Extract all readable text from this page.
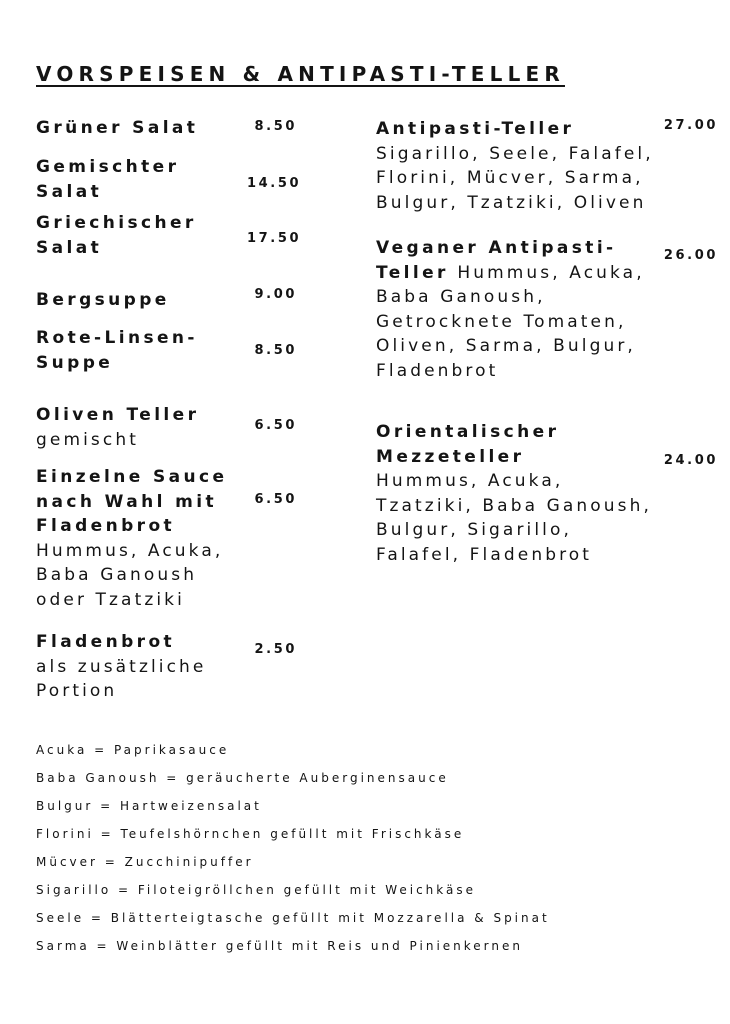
VORSPEISEN & ANTIPASTI-TELLER
Grüner Salat	8.50
Gemischter Salat	14.50
Griechischer Salat	17.50
Bergsuppe	9.00
Rote-Linsen-Suppe
8.50
Oliven Teller
gemischt
6.50
Einzelne Sauce nach Wahl mit Fladenbrot
Hummus, Acuka, Baba Ganoush oder Tzatziki
6.50
Fladenbrot
als zusätzliche Portion
2.50
Antipasti-Teller
Sigarillo, Seele, Falafel, Florini, Mücver, Sarma, Bulgur, Tzatziki, Oliven
27.00
Veganer Antipasti-Teller Hummus, Acuka, Baba Ganoush, Getrocknete Tomaten, Oliven, Sarma, Bulgur, Fladenbrot
26.00
Orientalischer Mezzeteller
Hummus, Acuka, Tzatziki, Baba Ganoush, Bulgur, Sigarillo, Falafel, Fladenbrot
24.00
Acuka = Paprikasauce
Baba Ganoush = geräucherte Auberginensauce
Bulgur = Hartweizensalat
Florini = Teufelshörnchen gefüllt mit Frischkäse
Mücver = Zucchinipuffer
Sigarillo = Filoteigröllchen gefüllt mit Weichkäse
Seele = Blätterteigtasche gefüllt mit Mozzarella & Spinat
Sarma = Weinblätter gefüllt mit Reis und Pinienkernen
